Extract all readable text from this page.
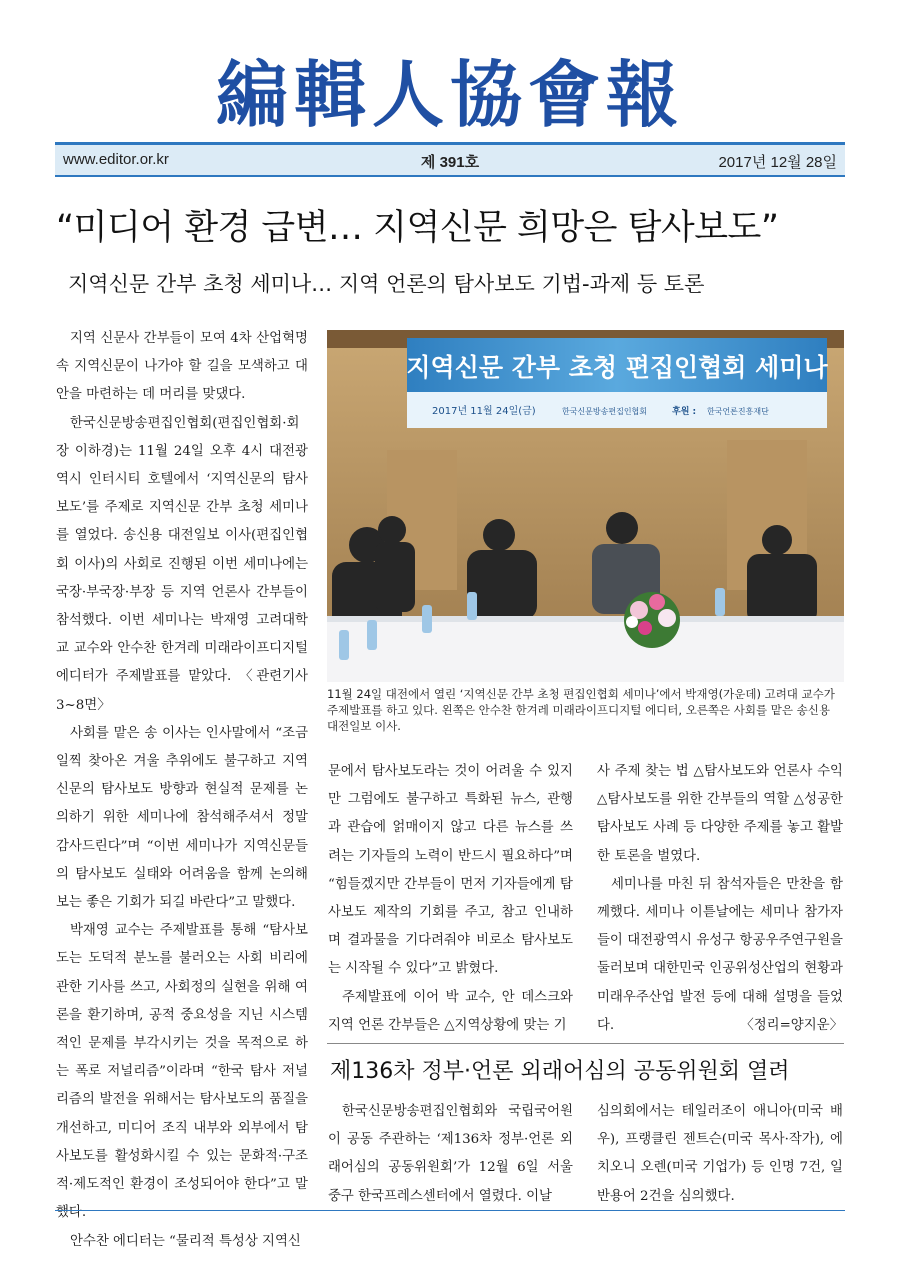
編輯人協會報
www.editor.or.kr	제 391호	2017년 12월 28일
“미디어 환경 급변… 지역신문 희망은 탐사보도”
지역신문 간부 초청 세미나… 지역 언론의 탐사보도 기법-과제 등 토론

지역 신문사 간부들이 모여 4차 산업혁명 속 지역신문이 나가야 할 길을 모색하고 대안을 마련하는 데 머리를 맞댔다.

한국신문방송편집인협회(편집인협회·회장 이하경)는 11월 24일 오후 4시 대전광역시 인터시티 호텔에서 ‘지역신문의 탐사보도’를 주제로 지역신문 간부 초청 세미나를 열었다. 송신용 대전일보 이사(편집인협회 이사)의 사회로 진행된 이번 세미나에는 국장·부국장·부장 등 지역 언론사 간부들이 참석했다. 이번 세미나는 박재영 고려대학교 교수와 안수찬 한겨레 미래라이프디지털 에디터가 주제발표를 맡았다. 〈관련기사 3~8면〉

사회를 맡은 송 이사는 인사말에서 “조금 일찍 찾아온 겨울 추위에도 불구하고 지역신문의 탐사보도 방향과 현실적 문제를 논의하기 위한 세미나에 참석해주셔서 정말 감사드린다”며 “이번 세미나가 지역신문들의 탐사보도 실태와 어려움을 함께 논의해 보는 좋은 기회가 되길 바란다”고 말했다.

박재영 교수는 주제발표를 통해 “탐사보도는 도덕적 분노를 불러오는 사회 비리에 관한 기사를 쓰고, 사회정의 실현을 위해 여론을 환기하며, 공적 중요성을 지닌 시스템적인 문제를 부각시키는 것을 목적으로 하는 폭로 저널리즘”이라며 “한국 탐사 저널리즘의 발전을 위해서는 탐사보도의 품질을 개선하고, 미디어 조직 내부와 외부에서 탐사보도를 활성화시킬 수 있는 문화적·구조적·제도적인 환경이 조성되어야 한다”고 말했다.

안수찬 에디터는 “물리적 특성상 지역신

지역신문 간부 초청 편집인협회 세미나
2017년 11월 24일(금)	한국신문방송편집인협회	후원 : 한국언론진흥재단
11월 24일 대전에서 열린 ‘지역신문 간부 초청 편집인협회 세미나’에서 박재영(가운데) 고려대 교수가 주제발표를 하고 있다. 왼쪽은 안수찬 한겨레 미래라이프디지털 에디터, 오른쪽은 사회를 맡은 송신용 대전일보 이사.

문에서 탐사보도라는 것이 어려울 수 있지만 그럼에도 불구하고 특화된 뉴스, 관행과 관습에 얽매이지 않고 다른 뉴스를 쓰려는 기자들의 노력이 반드시 필요하다”며 “힘들겠지만 간부들이 먼저 기자들에게 탐사보도 제작의 기회를 주고, 참고 인내하며 결과물을 기다려줘야 비로소 탐사보도는 시작될 수 있다”고 밝혔다.

주제발표에 이어 박 교수, 안 데스크와 지역 언론 간부들은 △지역상황에 맞는 기

사 주제 찾는 법 △탐사보도와 언론사 수익 △탐사보도를 위한 간부들의 역할 △성공한 탐사보도 사례 등 다양한 주제를 놓고 활발한 토론을 벌였다.

세미나를 마친 뒤 참석자들은 만찬을 함께했다. 세미나 이튿날에는 세미나 참가자들이 대전광역시 유성구 항공우주연구원을 둘러보며 대한민국 인공위성산업의 현황과 미래우주산업 발전 등에 대해 설명을 들었다.	〈정리=양지운〉

제136차 정부·언론 외래어심의 공동위원회 열려

한국신문방송편집인협회와 국립국어원이 공동 주관하는 ‘제136차 정부·언론 외래어심의 공동위원회’가 12월 6일 서울 중구 한국프레스센터에서 열렸다. 이날

심의회에서는 테일러조이 애니아(미국 배우), 프랭클린 젠트슨(미국 목사·작가), 에치오니 오렌(미국 기업가) 등 인명 7건, 일반용어 2건을 심의했다.
